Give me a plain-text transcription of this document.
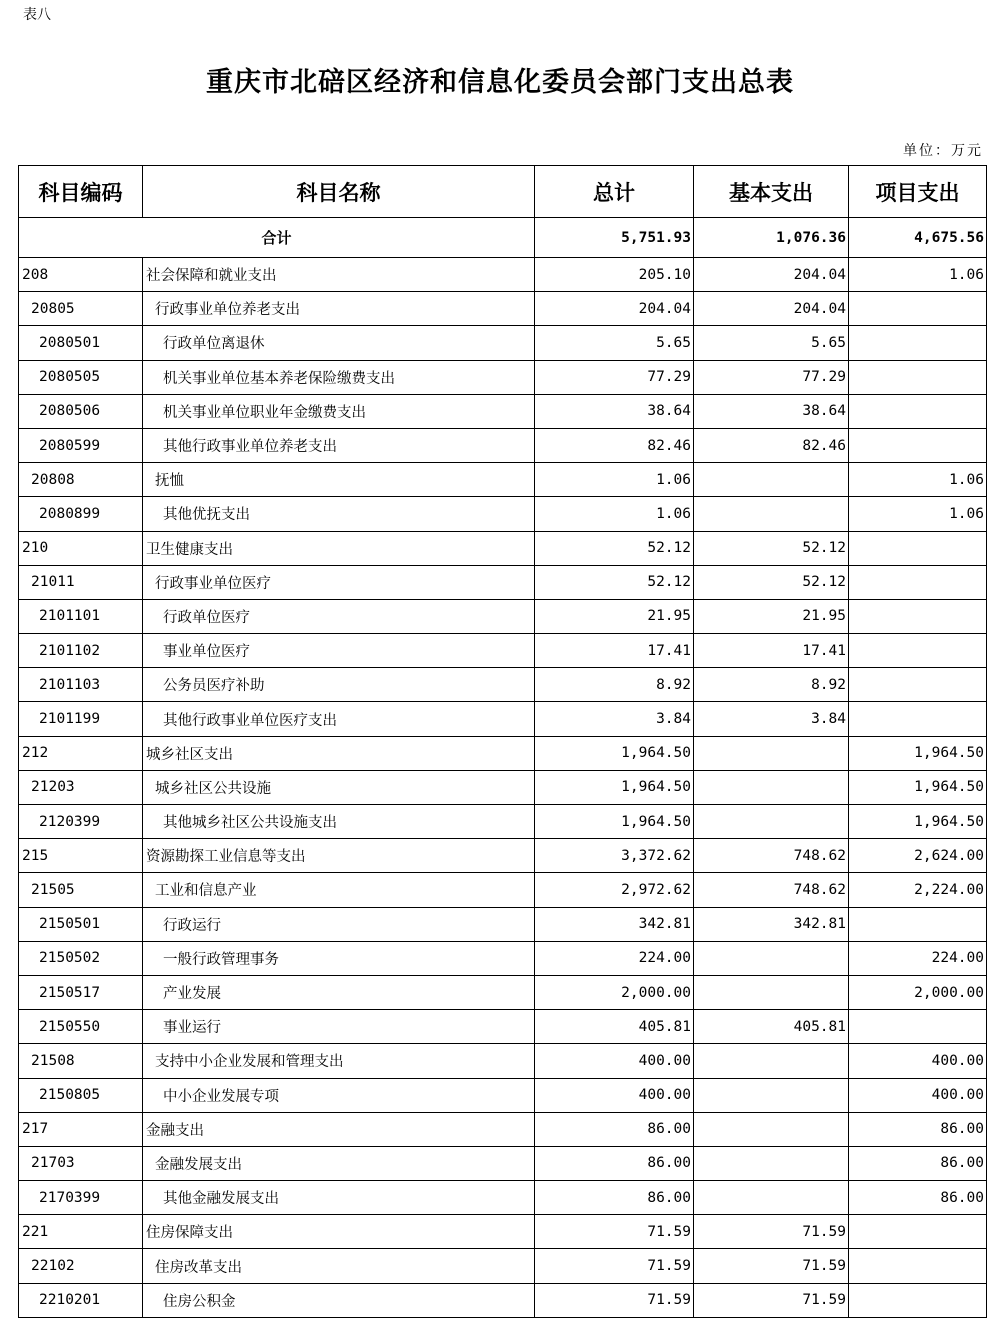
表八
重庆市北碚区经济和信息化委员会部门支出总表
单位：万元
科目编码	科目名称	总计	基本支出	项目支出
合计		5,751.93	1,076.36	4,675.56
208	社会保障和就业支出	205.10	204.04	1.06
20805	行政事业单位养老支出	204.04	204.04	
2080501	行政单位离退休	5.65	5.65	
2080505	机关事业单位基本养老保险缴费支出	77.29	77.29	
2080506	机关事业单位职业年金缴费支出	38.64	38.64	
2080599	其他行政事业单位养老支出	82.46	82.46	
20808	抚恤	1.06		1.06
2080899	其他优抚支出	1.06		1.06
210	卫生健康支出	52.12	52.12	
21011	行政事业单位医疗	52.12	52.12	
2101101	行政单位医疗	21.95	21.95	
2101102	事业单位医疗	17.41	17.41	
2101103	公务员医疗补助	8.92	8.92	
2101199	其他行政事业单位医疗支出	3.84	3.84	
212	城乡社区支出	1,964.50		1,964.50
21203	城乡社区公共设施	1,964.50		1,964.50
2120399	其他城乡社区公共设施支出	1,964.50		1,964.50
215	资源勘探工业信息等支出	3,372.62	748.62	2,624.00
21505	工业和信息产业	2,972.62	748.62	2,224.00
2150501	行政运行	342.81	342.81	
2150502	一般行政管理事务	224.00		224.00
2150517	产业发展	2,000.00		2,000.00
2150550	事业运行	405.81	405.81	
21508	支持中小企业发展和管理支出	400.00		400.00
2150805	中小企业发展专项	400.00		400.00
217	金融支出	86.00		86.00
21703	金融发展支出	86.00		86.00
2170399	其他金融发展支出	86.00		86.00
221	住房保障支出	71.59	71.59	
22102	住房改革支出	71.59	71.59	
2210201	住房公积金	71.59	71.59	
